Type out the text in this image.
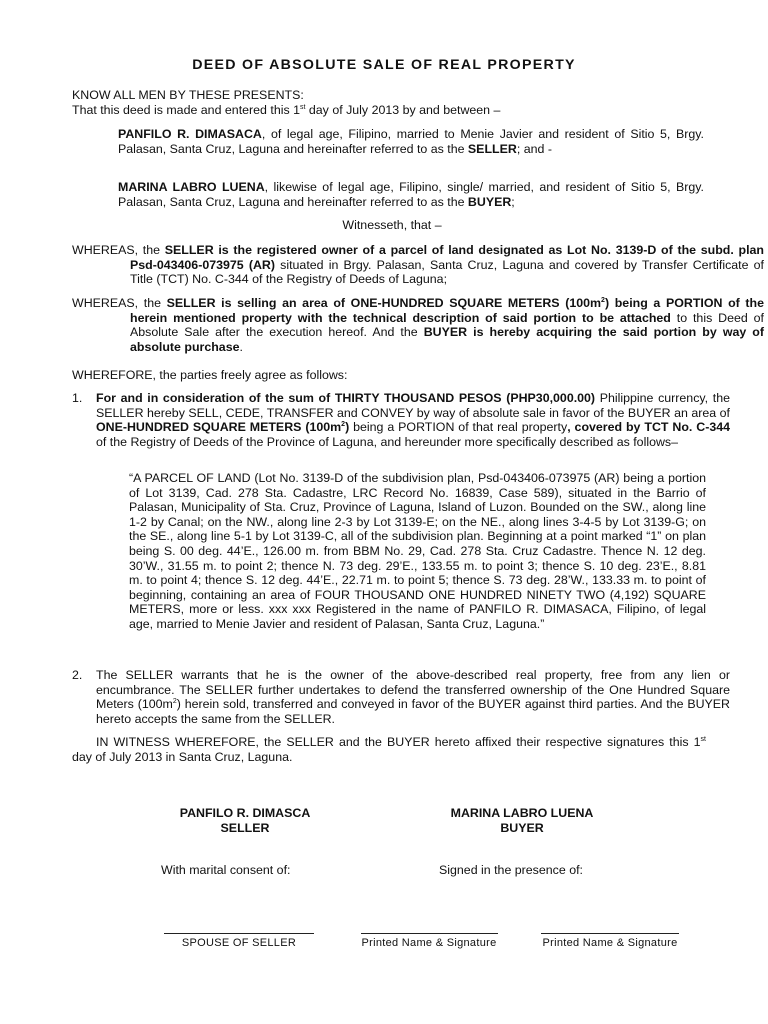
DEED OF ABSOLUTE SALE OF REAL PROPERTY

KNOW ALL MEN BY THESE PRESENTS:

That this deed is made and entered this 1st day of July 2013 by and between –

PANFILO R. DIMASACA, of legal age, Filipino, married to Menie Javier and resident of Sitio 5, Brgy. Palasan, Santa Cruz, Laguna and hereinafter referred to as the SELLER; and -

MARINA LABRO LUENA, likewise of legal age, Filipino, single/ married, and resident of Sitio 5, Brgy. Palasan, Santa Cruz, Laguna and hereinafter referred to as the BUYER;

Witnesseth, that –

WHEREAS, the SELLER is the registered owner of a parcel of land designated as Lot No. 3139-D of the subd. plan Psd-043406-073975 (AR) situated in Brgy. Palasan, Santa Cruz, Laguna and covered by Transfer Certificate of Title (TCT) No. C-344 of the Registry of Deeds of Laguna;

WHEREAS, the SELLER is selling an area of ONE-HUNDRED SQUARE METERS $(100m^2)$ being a PORTION of the herein mentioned property with the technical description of said portion to be attached to this Deed of Absolute Sale after the execution hereof. And the BUYER is hereby acquiring the said portion by way of absolute purchase.

WHEREFORE, the parties freely agree as follows:

1. For and in consideration of the sum of THIRTY THOUSAND PESOS (PHP30,000.00) Philippine currency, the SELLER hereby SELL, CEDE, TRANSFER and CONVEY by way of absolute sale in favor of the BUYER an area of ONE-HUNDRED SQUARE METERS $(100m^2)$ being a PORTION of that real property, covered by TCT No. C-344 of the Registry of Deeds of the Province of Laguna, and hereunder more specifically described as follows–

“A PARCEL OF LAND (Lot No. 3139-D of the subdivision plan, Psd-043406-073975 (AR) being a portion of Lot 3139, Cad. 278 Sta. Cadastre, LRC Record No. 16839, Case 589), situated in the Barrio of Palasan, Municipality of Sta. Cruz, Province of Laguna, Island of Luzon. Bounded on the SW., along line 1-2 by Canal; on the NW., along line 2-3 by Lot 3139-E; on the NE., along lines 3-4-5 by Lot 3139-G; on the SE., along line 5-1 by Lot 3139-C, all of the subdivision plan. Beginning at a point marked “1” on plan being S. 00 deg. 44’E., 126.00 m. from BBM No. 29, Cad. 278 Sta. Cruz Cadastre. Thence N. 12 deg. 30’W., 31.55 m. to point 2; thence N. 73 deg. 29’E., 133.55 m. to point 3; thence S. 10 deg. 23’E., 8.81 m. to point 4; thence S. 12 deg. 44’E., 22.71 m. to point 5; thence S. 73 deg. 28’W., 133.33 m. to point of beginning, containing an area of FOUR THOUSAND ONE HUNDRED NINETY TWO (4,192) SQUARE METERS, more or less. xxx xxx Registered in the name of PANFILO R. DIMASACA, Filipino, of legal age, married to Menie Javier and resident of Palasan, Santa Cruz, Laguna.”

2. The SELLER warrants that he is the owner of the above-described real property, free from any lien or encumbrance. The SELLER further undertakes to defend the transferred ownership of the One Hundred Square Meters $(100m^2)$ herein sold, transferred and conveyed in favor of the BUYER against third parties. And the BUYER hereto accepts the same from the SELLER.

IN WITNESS WHEREFORE, the SELLER and the BUYER hereto affixed their respective signatures this 1st day of July 2013 in Santa Cruz, Laguna.

PANFILO R. DIMASCA

SELLER

MARINA LABRO LUENA

BUYER

With marital consent of:	Signed in the presence of:

SPOUSE OF SELLER	Printed Name & Signature	Printed Name & Signature
